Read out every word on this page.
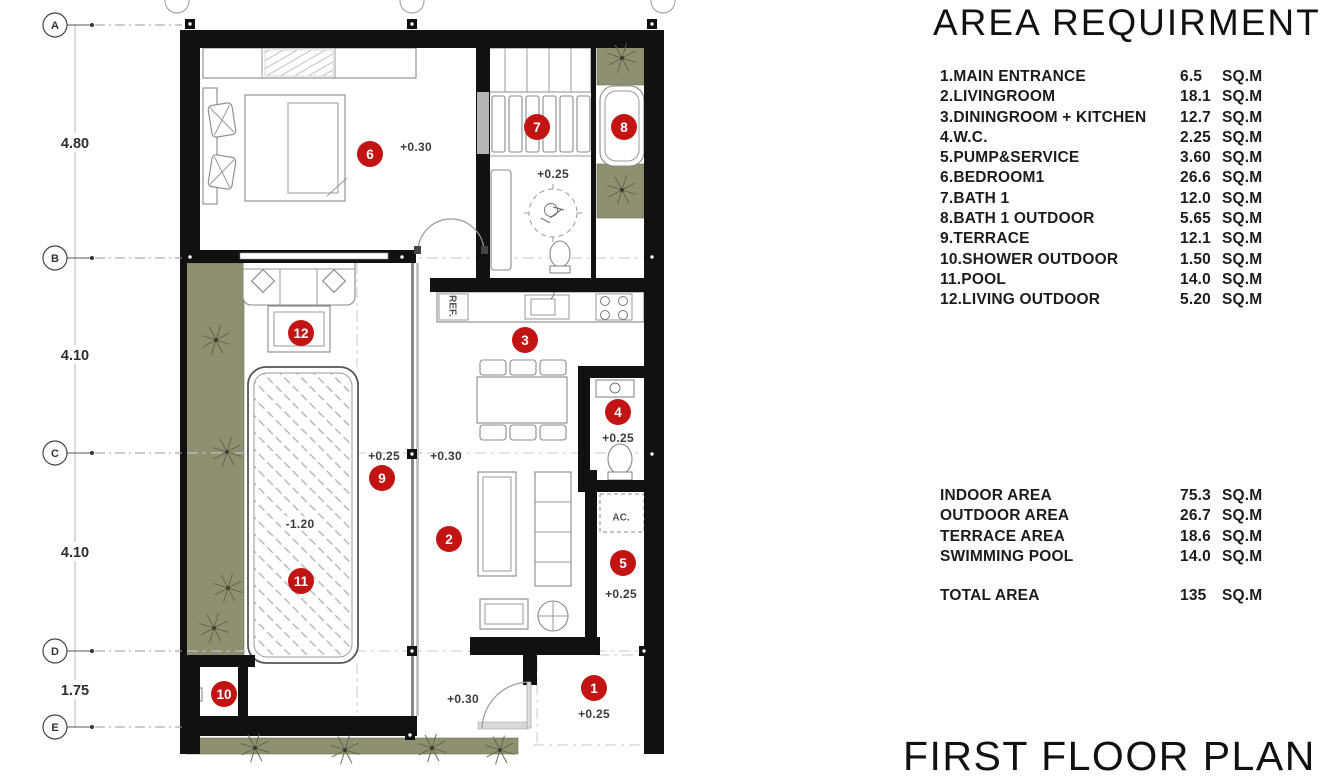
A
B
C
D
E
4.80
4.10
4.10
1.75
+0.30
+0.25
+0.25	+0.30
+0.25
-1.20
+0.25
+0.30
+0.25
REF.
AC.
1
2
3
4
5
6
7	8
9
10
11
12
AREA REQUIRMENT
1.MAIN ENTRANCE	6.5	SQ.M
2.LIVINGROOM	18.1 SQ.M
3.DININGROOM + KITCHEN	12.7 SQ.M
4.W.C.	2.25 SQ.M
5.PUMP&SERVICE	3.60 SQ.M
6.BEDROOM1	26.6 SQ.M
7.BATH 1	12.0 SQ.M
8.BATH 1 OUTDOOR	5.65 SQ.M
9.TERRACE	12.1 SQ.M
10.SHOWER OUTDOOR	1.50 SQ.M
11.POOL	14.0 SQ.M
12.LIVING OUTDOOR	5.20 SQ.M
INDOOR AREA	75.3 SQ.M
OUTDOOR AREA	26.7 SQ.M
TERRACE AREA	18.6 SQ.M
SWIMMING POOL	14.0 SQ.M
TOTAL AREA	135	SQ.M
FIRST FLOOR PLAN
